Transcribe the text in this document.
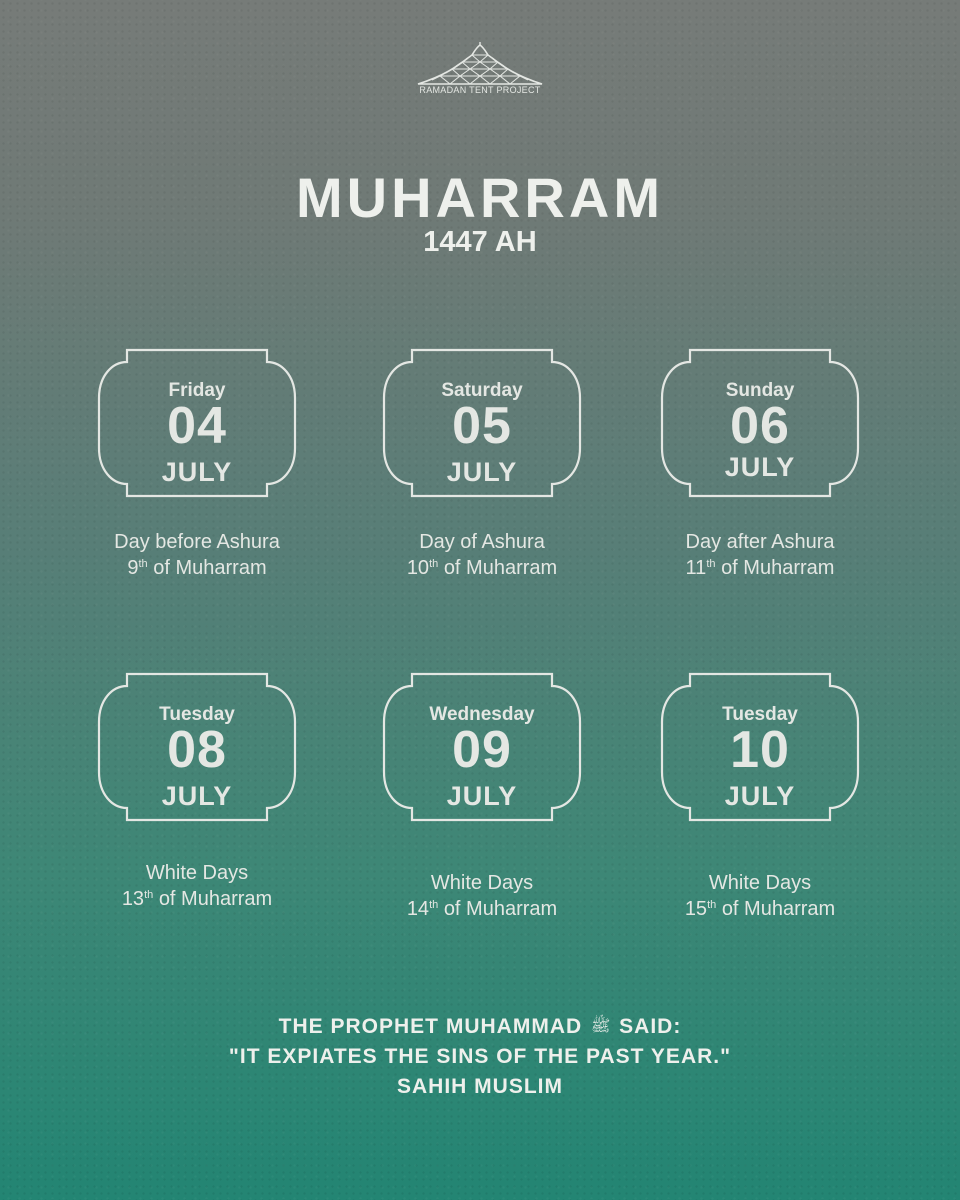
RAMADAN TENT PROJECT
MUHARRAM
1447 AH
Friday
04
JULY
Day before Ashura
9th of Muharram
Saturday
05
JULY
Day of Ashura
10th of Muharram
Sunday
06
JULY
Day after Ashura
11th of Muharram
Tuesday
08
JULY
White Days
13th of Muharram
Wednesday
09
JULY
White Days
14th of Muharram
Tuesday
10
JULY
White Days
15th of Muharram
THE PROPHET MUHAMMAD ﷺ SAID:
"IT EXPIATES THE SINS OF THE PAST YEAR."
SAHIH MUSLIM
